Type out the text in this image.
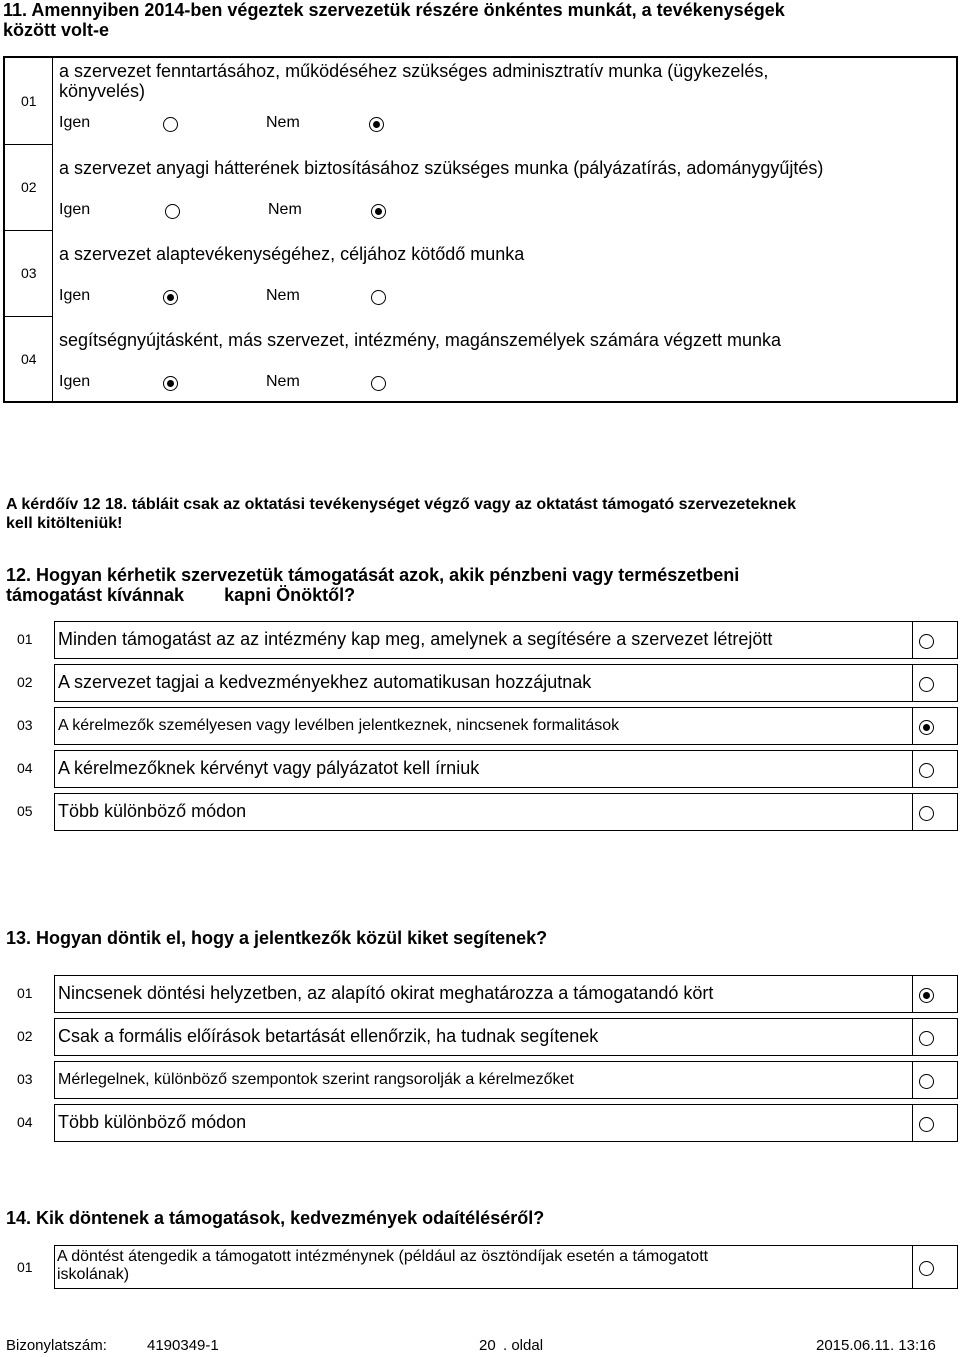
11. Amennyiben 2014-ben végeztek szervezetük részére önkéntes munkát, a tevékenységek
között volt-e
01
a szervezet fenntartásához, működéséhez szükséges adminisztratív munka (ügykezelés,
könyvelés)
Igen	Nem
02
a szervezet anyagi hátterének biztosításához szükséges munka (pályázatírás, adománygyűjtés)
Igen	Nem
03
a szervezet alaptevékenységéhez, céljához kötődő munka
Igen	Nem
04
segítségnyújtásként, más szervezet, intézmény, magánszemélyek számára végzett munka
Igen	Nem
A kérdőív 12 18. tábláit csak az oktatási tevékenységet végző vagy az oktatást támogató szervezeteknek
kell kitölteniük!
12. Hogyan kérhetik szervezetük támogatását azok, akik pénzbeni vagy természetbeni
támogatást kívánnak        kapni Önöktől?
01 Minden támogatást az az intézmény kap meg, amelynek a segítésére a szervezet létrejött
02 A szervezet tagjai a kedvezményekhez automatikusan hozzájutnak
03 A kérelmezők személyesen vagy levélben jelentkeznek, nincsenek formalitások
04 A kérelmezőknek kérvényt vagy pályázatot kell írniuk
05 Több különböző módon
13. Hogyan döntik el, hogy a jelentkezők közül kiket segítenek?
01 Nincsenek döntési helyzetben, az alapító okirat meghatározza a támogatandó kört
02 Csak a formális előírások betartását ellenőrzik, ha tudnak segítenek
03 Mérlegelnek, különböző szempontok szerint rangsorolják a kérelmezőket
04 Több különböző módon
14. Kik döntenek a támogatások, kedvezmények odaítéléséről?
01
A döntést átengedik a támogatott intézménynek (például az ösztöndíjak esetén a támogatott
iskolának)
Bizonylatszám:	4190349-1	20 . oldal	2015.06.11. 13:16
